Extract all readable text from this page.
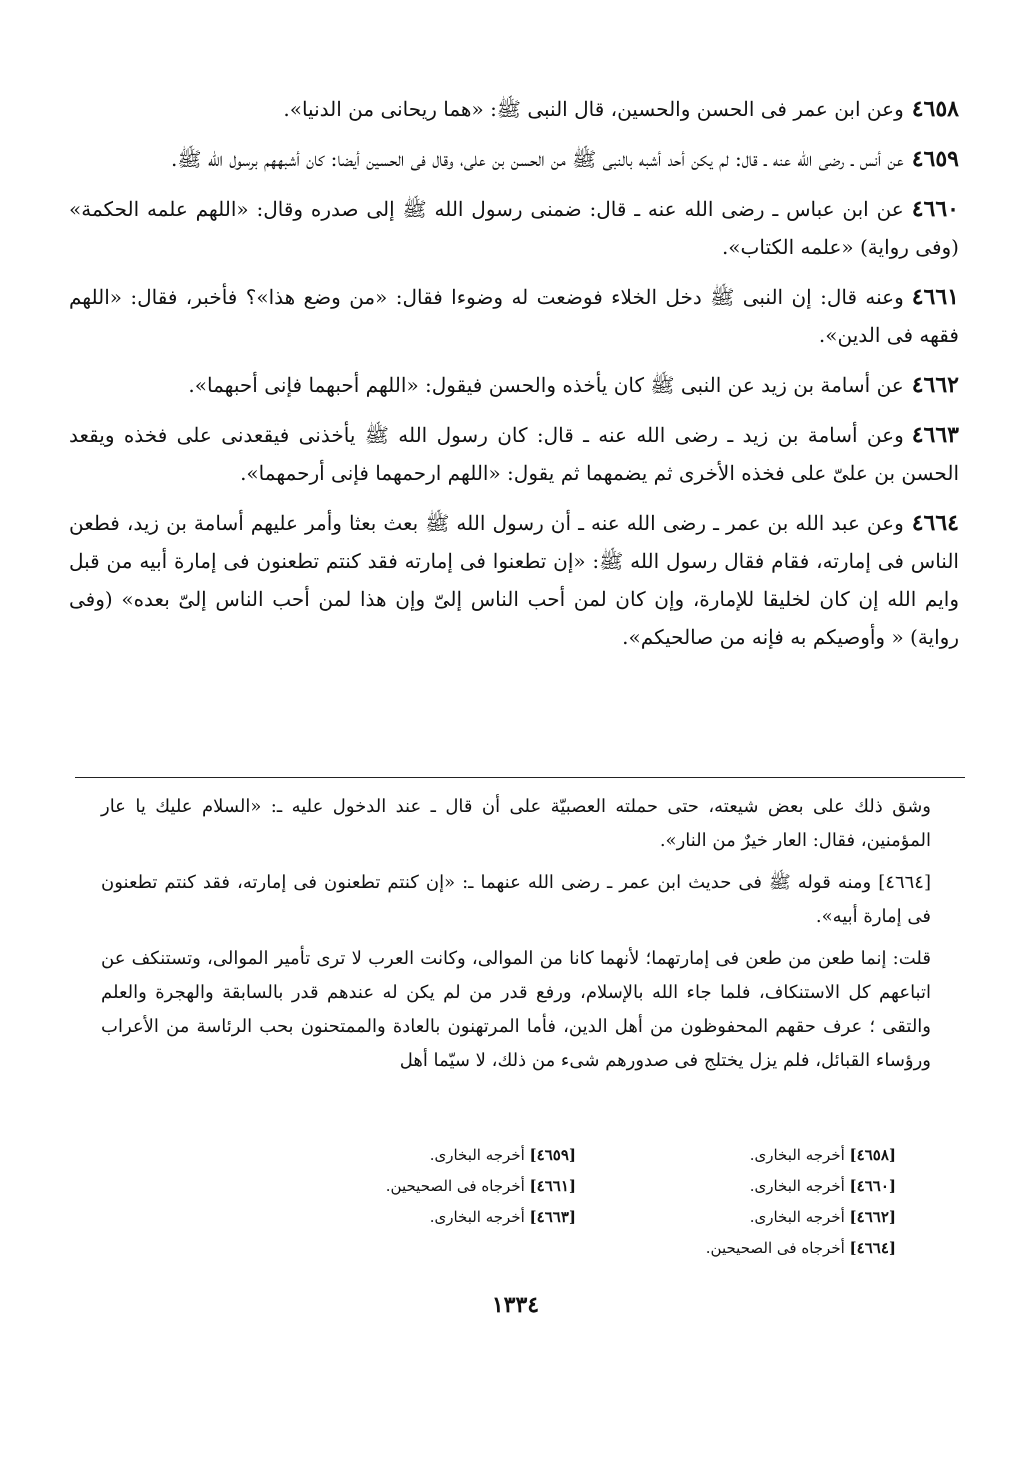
٤٦٥٨وعن ابن عمر فى الحسن والحسين، قال النبى ﷺ: «هما ريحانى من الدنيا».

٤٦٥٩عن أنس ـ رضى الله عنه ـ قال: لم يكن أحد أشبه بالنبى ﷺ من الحسن بن على، وقال فى الحسين أيضا: كان أشبههم برسول الله ﷺ.

٤٦٦٠عن ابن عباس ـ رضى الله عنه ـ قال: ضمنى رسول الله ﷺ إلى صدره وقال: «اللهم علمه الحكمة» (وفى رواية) «علمه الكتاب».

٤٦٦١وعنه قال: إن النبى ﷺ دخل الخلاء فوضعت له وضوءا فقال: «من وضع هذا»؟ فأخبر، فقال: «اللهم فقهه فى الدين».

٤٦٦٢عن أسامة بن زيد عن النبى ﷺ كان يأخذه والحسن فيقول: «اللهم أحبهما فإنى أحبهما».

٤٦٦٣وعن أسامة بن زيد ـ رضى الله عنه ـ قال: كان رسول الله ﷺ يأخذنى فيقعدنى على فخذه ويقعد الحسن بن علىّ على فخذه الأخرى ثم يضمهما ثم يقول: «اللهم ارحمهما فإنى أرحمهما».

٤٦٦٤وعن عبد الله بن عمر ـ رضى الله عنه ـ أن رسول الله ﷺ بعث بعثا وأمر عليهم أسامة بن زيد، فطعن الناس فى إمارته، فقام فقال رسول الله ﷺ: «إن تطعنوا فى إمارته فقد كنتم تطعنون فى إمارة أبيه من قبل وايم الله إن كان لخليقا للإمارة، وإن كان لمن أحب الناس إلىّ وإن هذا لمن أحب الناس إلىّ بعده» (وفى رواية) « وأوصيكم به فإنه من صالحيكم».

وشق ذلك على بعض شيعته، حتى حملته العصبيّة على أن قال ـ عند الدخول عليه ـ: «السلام عليك يا عار المؤمنين، فقال: العار خيرٌ من النار».

[٤٦٦٤] ومنه قوله ﷺ فى حديث ابن عمر ـ رضى الله عنهما ـ: «إن كنتم تطعنون فى إمارته، فقد كنتم تطعنون فى إمارة أبيه».

قلت: إنما طعن من طعن فى إمارتهما؛ لأنهما كانا من الموالى، وكانت العرب لا ترى تأمير الموالى، وتستنكف عن اتباعهم كل الاستنكاف، فلما جاء الله بالإسلام، ورفع قدر من لم يكن له عندهم قدر بالسابقة والهجرة والعلم والتقى ؛ عرف حقهم المحفوظون من أهل الدين، فأما المرتهنون بالعادة والممتحنون بحب الرئاسة من الأعراب ورؤساء القبائل، فلم يزل يختلج فى صدورهم شىء من ذلك، لا سيّما أهل

[٤٦٥٨] أخرجه البخارى.
[٤٦٦٠] أخرجه البخارى.
[٤٦٦٢] أخرجه البخارى.
[٤٦٦٤] أخرجاه فى الصحيحين.
[٤٦٥٩] أخرجه البخارى.
[٤٦٦١] أخرجاه فى الصحيحين.
[٤٦٦٣] أخرجه البخارى.
١٣٣٤
